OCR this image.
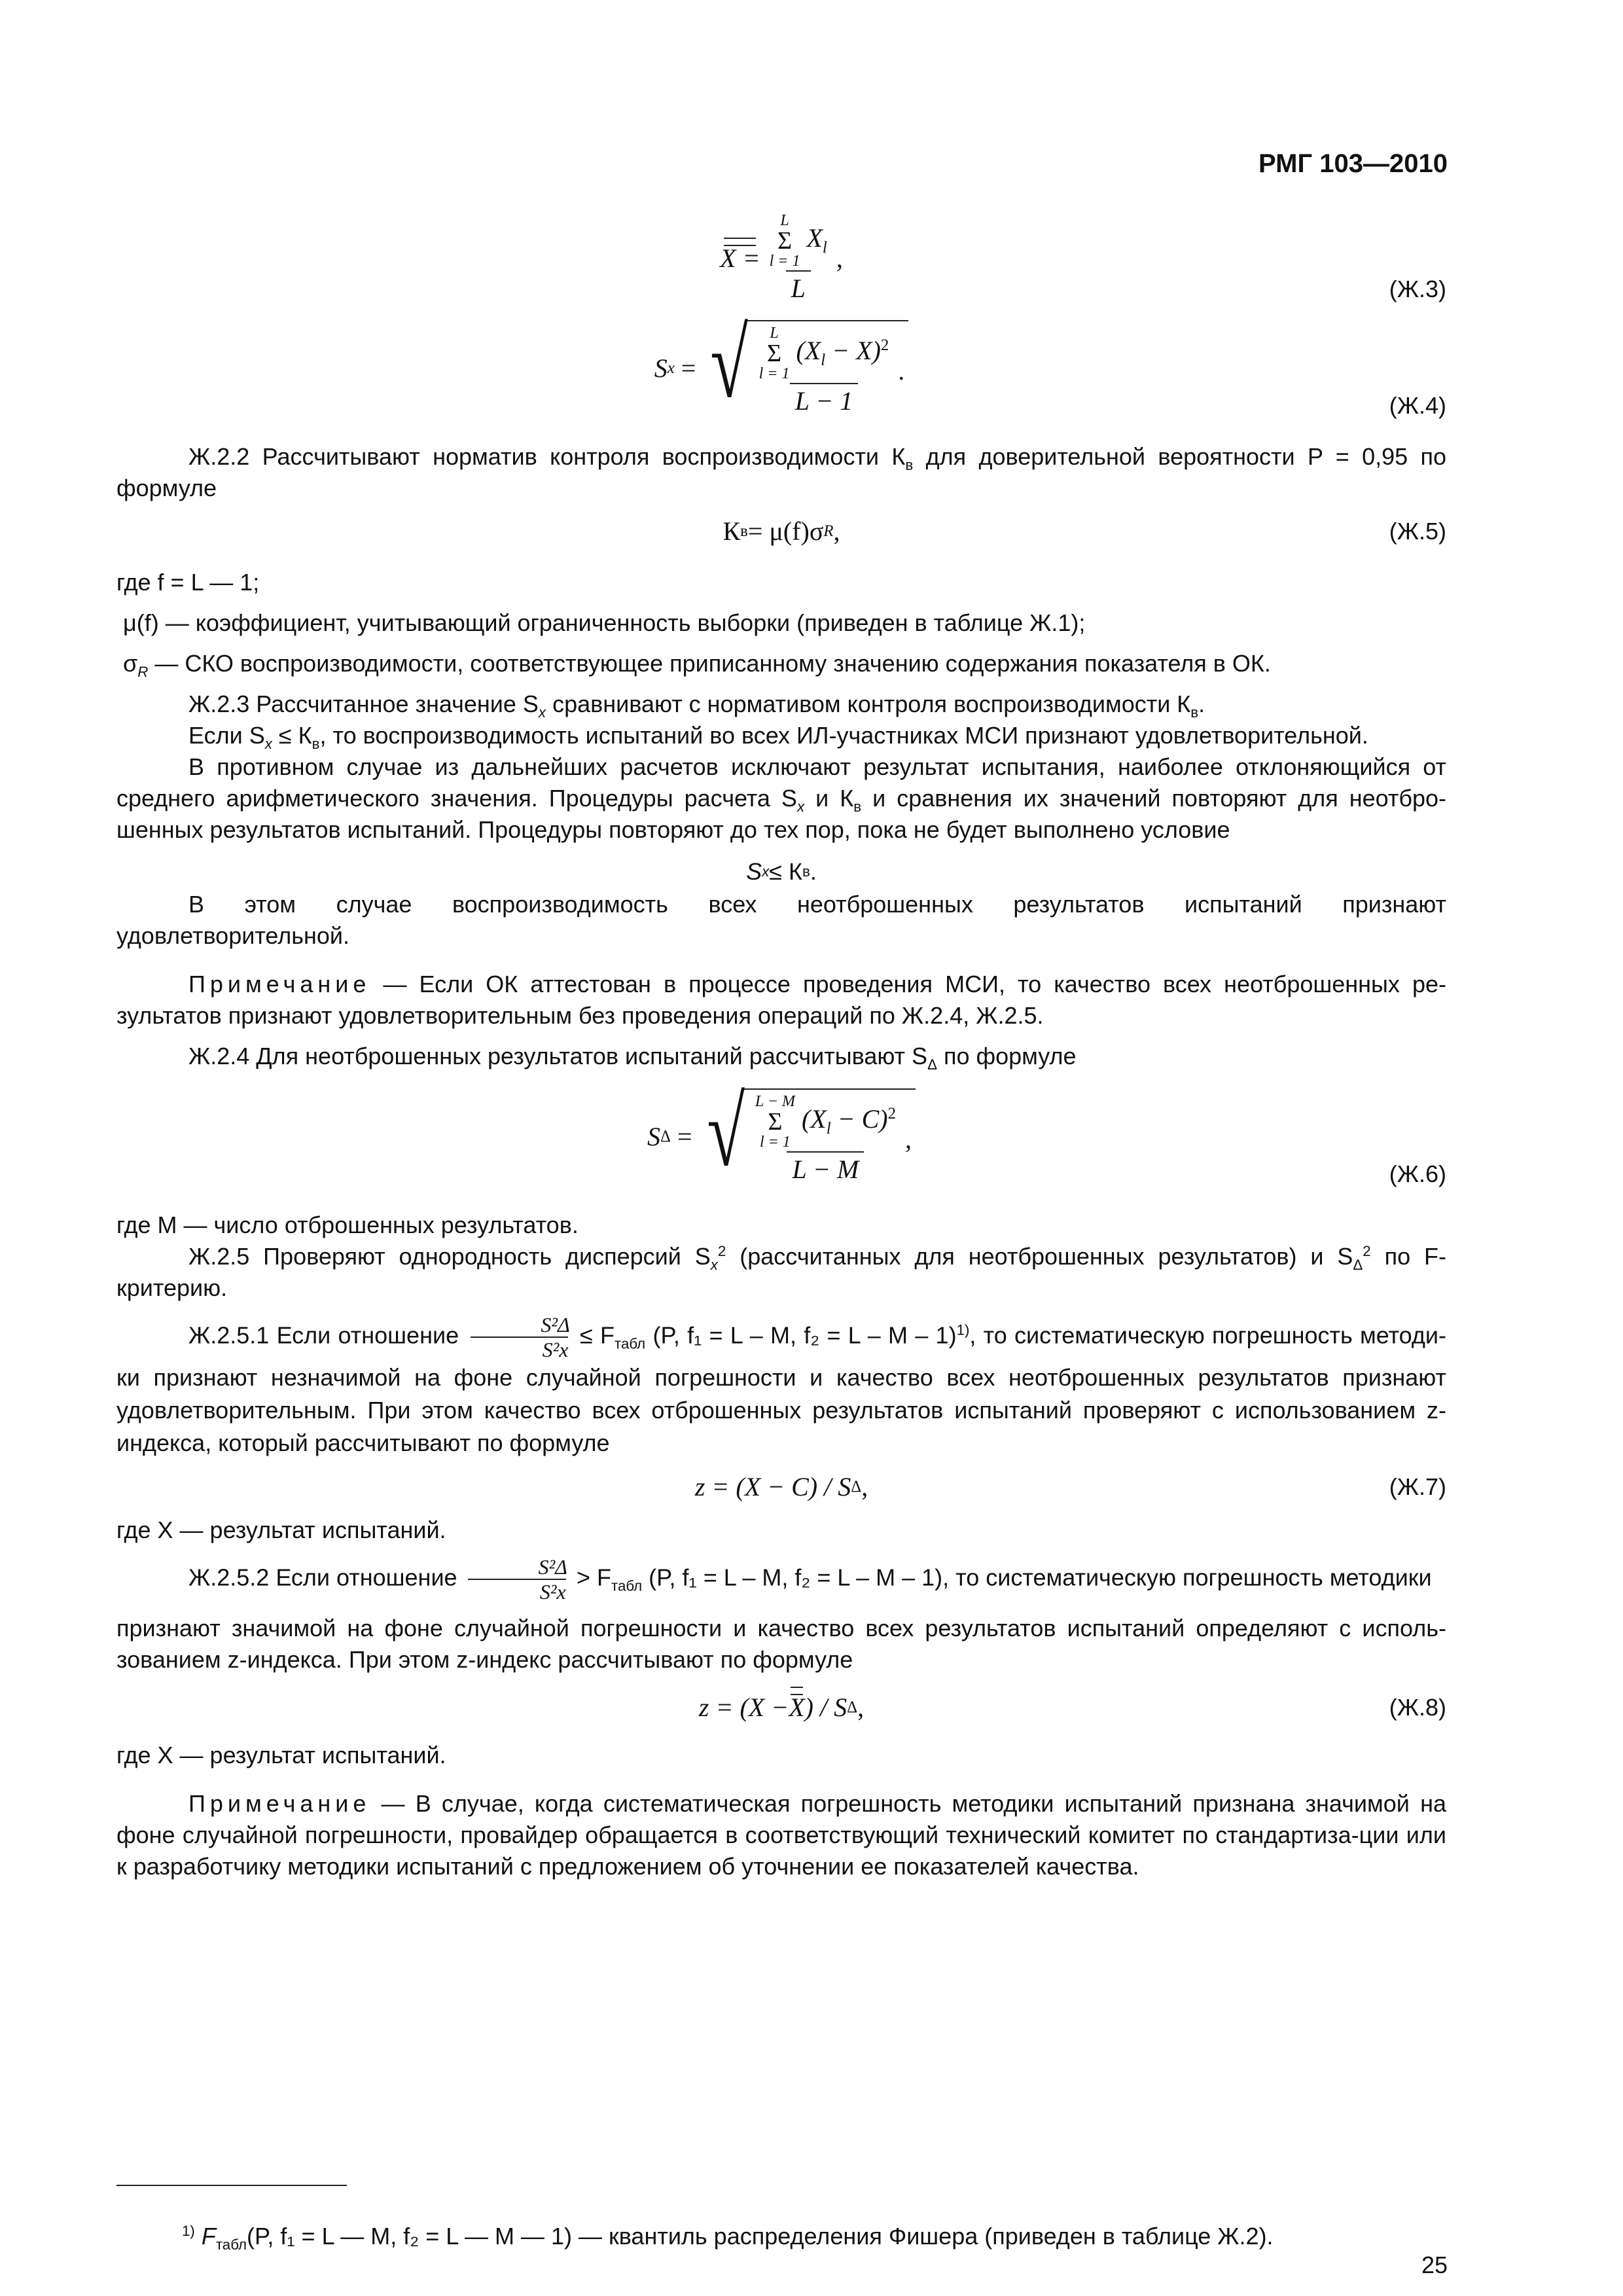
РМГ 103—2010
X = L
Σ
l = 1
$X_l$
L ,
(Ж.3)
S x = √ L
Σ
l = 1
$(X_l - X)^2$
L − 1 .
(Ж.4)

Ж.2.2 Рассчитывают норматив контроля воспроизводимости $К_в$ для доверительной вероятности P = 0,95 по формуле

К в = μ(f)σ R ,	(Ж.5)

где f = L — 1;

μ(f) — коэффициент, учитывающий ограниченность выборки (приведен в таблице Ж.1);

$\sigma_R$ — СКО воспроизводимости, соответствующее приписанному значению содержания показателя в ОК.

Ж.2.3 Рассчитанное значение $S_x$ сравнивают с нормативом контроля воспроизводимости $К_в$.

Если $S_x \le К_в$, то воспроизводимость испытаний во всех ИЛ-участниках МСИ признают удовлетворительной.

В противном случае из дальнейших расчетов исключают результат испытания, наиболее отклоняющийся от среднего арифметического значения. Процедуры расчета $S_x$ и $К_в$ и сравнения их значений повторяют для неотбро-шенных результатов испытаний. Процедуры повторяют до тех пор, пока не будет выполнено условие

S x ≤ К в .

В этом случае воспроизводимость всех неотброшенных результатов испытаний признают

удовлетворительной.

Примечание — Если ОК аттестован в процессе проведения МСИ, то качество всех неотброшенных ре-зультатов признают удовлетворительным без проведения операций по Ж.2.4, Ж.2.5.

Ж.2.4 Для неотброшенных результатов испытаний рассчитывают $S_\Delta$ по формуле

S Δ = √ L − M
Σ
l = 1
$(X_l - C)^2$
L − M ,
(Ж.6)

где M — число отброшенных результатов.

Ж.2.5 Проверяют однородность дисперсий $S_x^2$ (рассчитанных для неотброшенных результатов) и $S_\Delta^2$ по F-критерию.

Ж.2.5.1 Если отношение $\frac{\text{S²Δ}}{\text{S²x}} \le F_{табл}$ (P, f₁ = L – M, f₂ = L – M – 1)$^{1)}$, то систематическую погрешность методи-ки признают незначимой на фоне случайной погрешности и качество всех неотброшенных результатов признают удовлетворительным. При этом качество всех отброшенных результатов испытаний проверяют с использованием z-индекса, который рассчитывают по формуле

z = (X − C) / S Δ ,	(Ж.7)

где X — результат испытаний.

Ж.2.5.2 Если отношение $\frac{\text{S²Δ}}{\text{S²x}} > F_{табл}$ (P, f₁ = L – M, f₂ = L – M – 1), то систематическую погрешность методики

признают значимой на фоне случайной погрешности и качество всех результатов испытаний определяют с исполь-зованием z-индекса. При этом z-индекс рассчитывают по формуле

z = (X − X ) / S Δ ,	(Ж.8)

где X — результат испытаний.

Примечание — В случае, когда систематическая погрешность методики испытаний признана значимой на фоне случайной погрешности, провайдер обращается в соответствующий технический комитет по стандартиза-ции или к разработчику методики испытаний с предложением об уточнении ее показателей качества.

$^{1)}$ $F_{табл}(P$, f₁ = L — M, f₂ = L — M — 1) — квантиль распределения Фишера (приведен в таблице Ж.2).
25
